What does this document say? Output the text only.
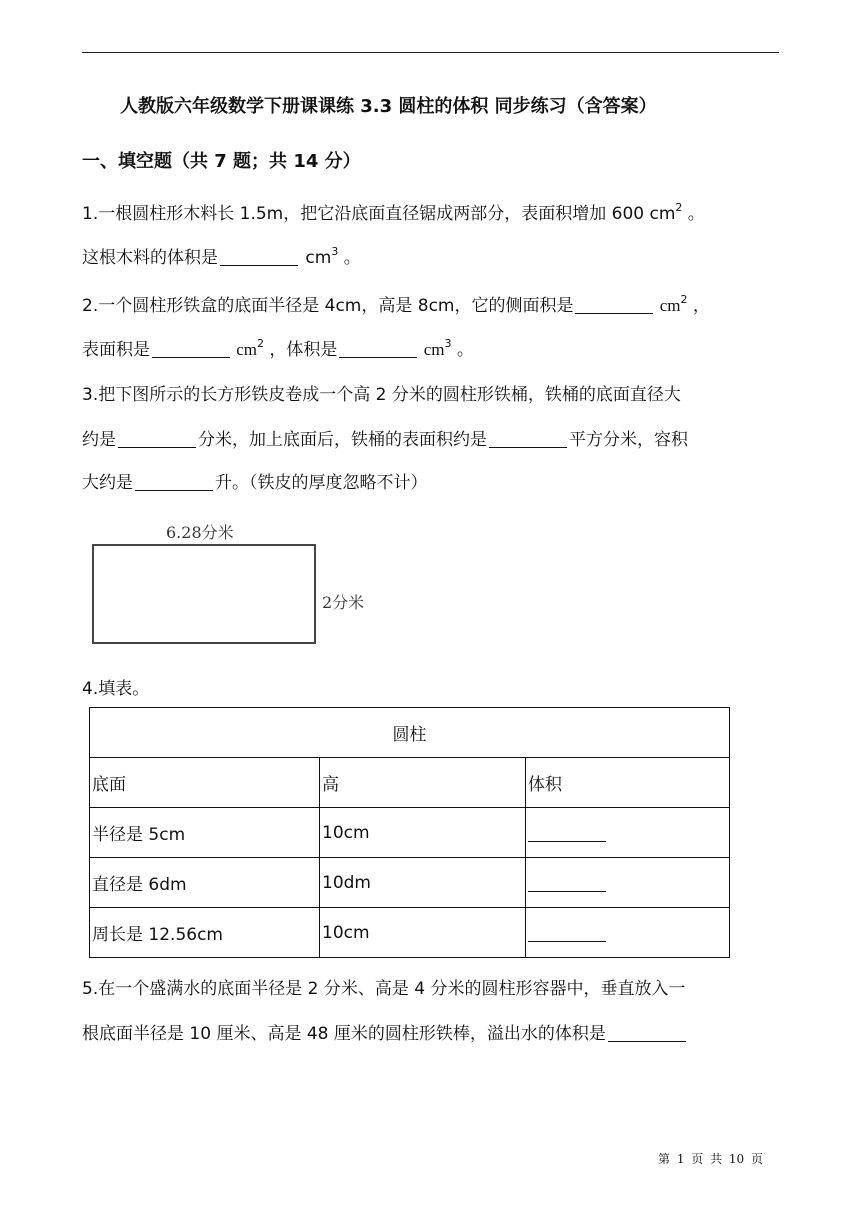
人教版六年级数学下册课课练 3.3 圆柱的体积 同步练习（含答案）
一、填空题（共 7 题；共 14 分）
1.一根圆柱形木料长 1.5m，把它沿底面直径锯成两部分，表面积增加 600 $cm^2$ 。
这根木料的体积是	$cm^3$ 。
2.一个圆柱形铁盒的底面半径是 4cm，高是 8cm，它的侧面积是	$cm^2$ ，
表面积是	$cm^2$ ，体积是	$cm^3$ 。
3.把下图所示的长方形铁皮卷成一个高 2 分米的圆柱形铁桶，铁桶的底面直径大
约是	分米，加上底面后，铁桶的表面积约是	平方分米，容积
大约是	升。（铁皮的厚度忽略不计）
6.28分米
2分米
4.填表。
圆柱		
底面	高	体积
半径是 5cm	10cm	
直径是 6dm	10dm	
周长是 12.56cm	10cm	
5.在一个盛满水的底面半径是 2 分米、高是 4 分米的圆柱形容器中，垂直放入一
根底面半径是 10 厘米、高是 48 厘米的圆柱形铁棒，溢出水的体积是
第 1 页 共 10 页
